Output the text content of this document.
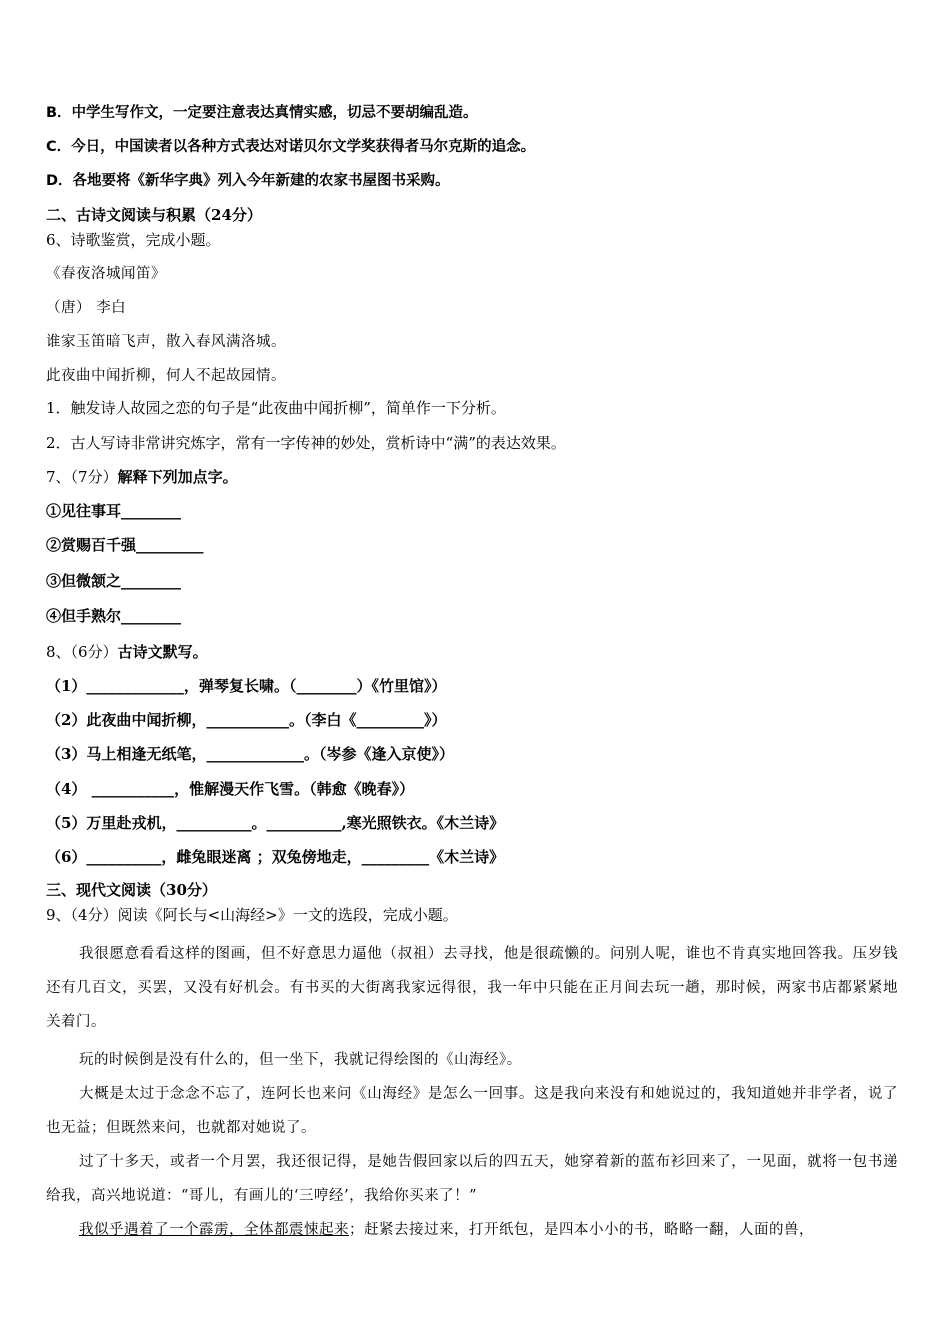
B．中学生写作文，一定要注意表达真情实感，切忌不要胡编乱造。
C．今日，中国读者以各种方式表达对诺贝尔文学奖获得者马尔克斯的追念。
D．各地要将《新华字典》列入今年新建的农家书屋图书采购。
二、古诗文阅读与积累（24分）
6、诗歌鉴赏，完成小题。
《春夜洛城闻笛》
（唐） 李白
谁家玉笛暗飞声，散入春风满洛城。
此夜曲中闻折柳，何人不起故园情。
1．触发诗人故园之恋的句子是“此夜曲中闻折柳”，简单作一下分析。
2．古人写诗非常讲究炼字，常有一字传神的妙处，赏析诗中“满”的表达效果。
7、（7分）解释下列加点字。
①见往事耳________
②赏赐百千强_________
③但微颔之________
④但手熟尔________
8、（6分）古诗文默写。
（1）_____________，弹琴复长啸。（________）《竹里馆》）
（2）此夜曲中闻折柳，___________。（李白《_________》）
（3）马上相逢无纸笔，_____________。（岑参《逢入京使》）
（4） ___________，惟解漫天作飞雪。（韩愈《晚春》）
（5）万里赴戎机，__________。__________,寒光照铁衣。《木兰诗》
（6）__________，雌兔眼迷离 ；双兔傍地走，_________《木兰诗》
三、现代文阅读（30分）
9、（4分）阅读《阿长与<山海经>》一文的选段，完成小题。
我很愿意看看这样的图画，但不好意思力逼他（叔祖）去寻找，他是很疏懒的。问别人呢，谁也不肯真实地回答我。压岁钱还有几百文，买罢，又没有好机会。有书买的大街离我家远得很，我一年中只能在正月间去玩一趟，那时候，两家书店都紧紧地关着门。
玩的时候倒是没有什么的，但一坐下，我就记得绘图的《山海经》。
大概是太过于念念不忘了，连阿长也来问《山海经》是怎么一回事。这是我向来没有和她说过的，我知道她并非学者，说了也无益；但既然来问，也就都对她说了。
过了十多天，或者一个月罢，我还很记得，是她告假回家以后的四五天，她穿着新的蓝布衫回来了，一见面，就将一包书递给我，高兴地说道：“哥儿，有画儿的‘三哼经’，我给你买来了！”
我似乎遇着了一个霹雳，全体都震悚起来；赶紧去接过来，打开纸包，是四本小小的书，略略一翻，人面的兽，
